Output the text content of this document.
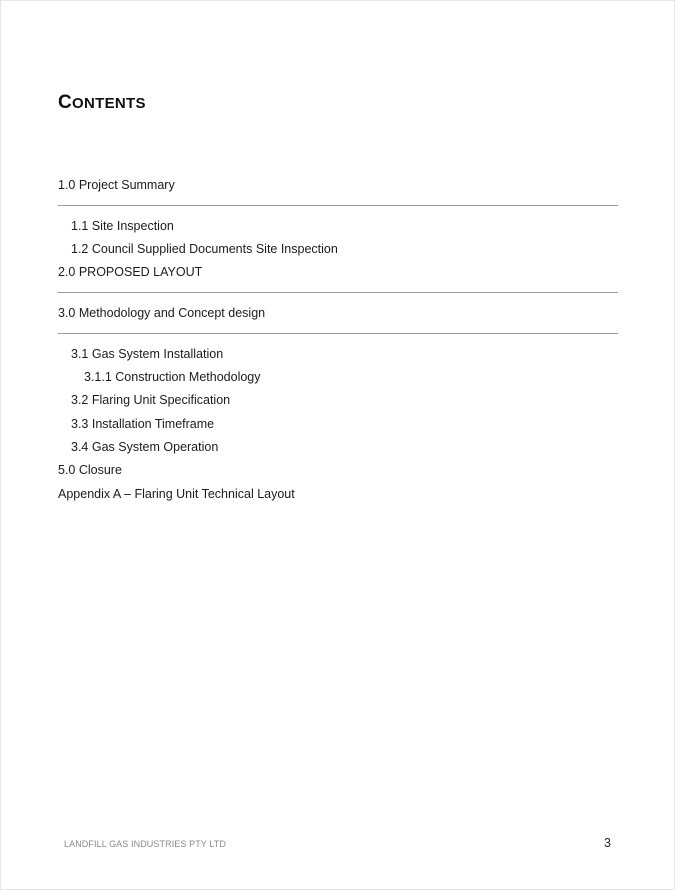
CONTENTS
1.0 Project Summary
1.1 Site Inspection
1.2 Council Supplied Documents Site Inspection
2.0 PROPOSED LAYOUT
3.0 Methodology and Concept design
3.1 Gas System Installation
3.1.1 Construction Methodology
3.2 Flaring Unit Specification
3.3 Installation Timeframe
3.4 Gas System Operation
5.0 Closure
Appendix A – Flaring Unit Technical Layout
LANDFILL GAS INDUSTRIES PTY LTD	3
